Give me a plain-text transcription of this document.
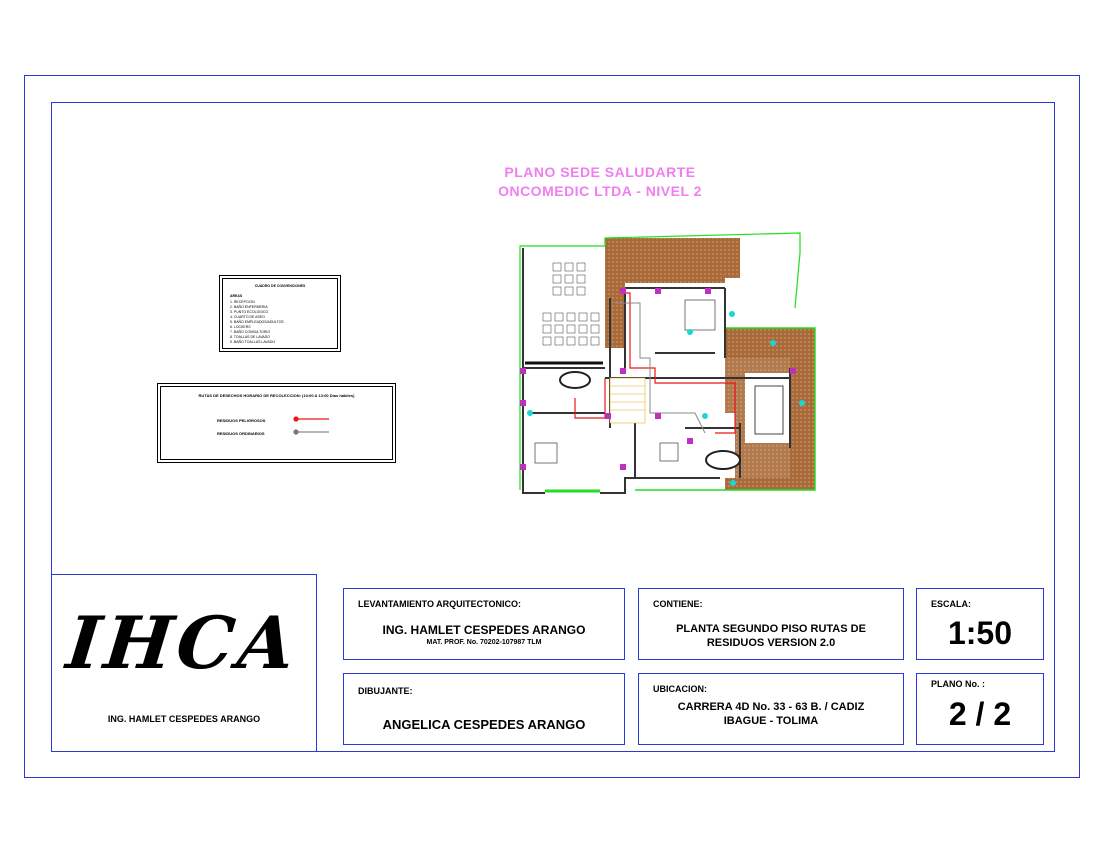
PLANO SEDE SALUDARTE
ONCOMEDIC LTDA - NIVEL 2
CUADRO DE CONVENCIONES
AREAS
1. RECEPCION
2. BAÑO ENFERMERIA
3. PUNTO ECOLOGICO
4. CUARTO DE ASEO
5. BAÑO EMPLEADOS/ADULTOS
6. LOCKERS
7. BAÑO CONSULTORIO
8. TOALLAS DE LAVADO
9. BAÑO TOALLAS LAVADO
RUTAS DE DESECHOS HORARIO DE RECOLECCION: (10:00 A 13:00 Días hábiles)
RESIDUOS PELIGROSOS
RESIDUOS ORDINARIOS
IHCA
ING. HAMLET CESPEDES ARANGO
LEVANTAMIENTO ARQUITECTONICO:
ING. HAMLET CESPEDES ARANGO
MAT. PROF. No. 70202-107987 TLM
CONTIENE:
PLANTA SEGUNDO PISO RUTAS DE
RESIDUOS VERSION 2.0
ESCALA:
1:50
DIBUJANTE:
ANGELICA CESPEDES ARANGO
UBICACION:
CARRERA 4D No. 33 - 63 B. / CADIZ
IBAGUE - TOLIMA
PLANO No. :
2 / 2
